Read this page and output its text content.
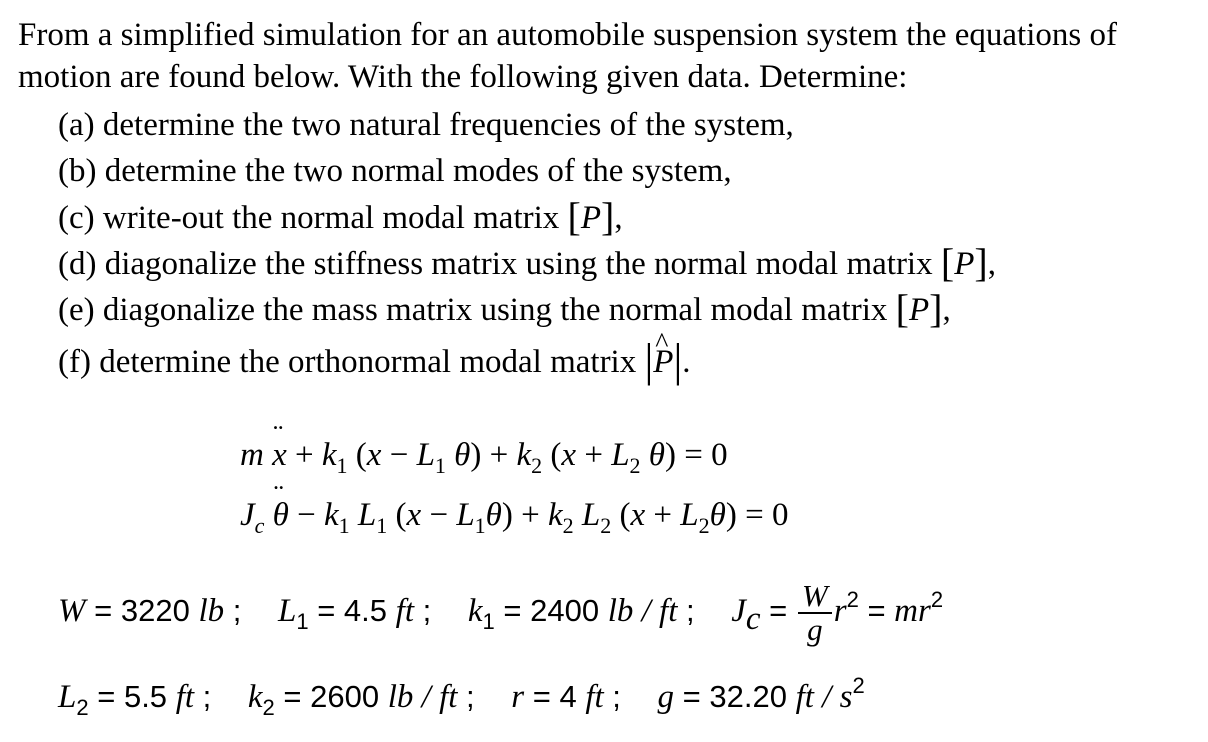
From a simplified simulation for an automobile suspension system the equations of motion are found below. With the following given data. Determine:
(a) determine the two natural frequencies of the system,
(b) determine the two normal modes of the system,
(c) write-out the normal modal matrix [P],
(d) diagonalize the stiffness matrix using the normal modal matrix [P],
(e) diagonalize the mass matrix using the normal modal matrix [P],
(f) determine the orthonormal modal matrix |^ P|.
m ¨ $x + k_1$ ($x - L_1$ $\theta) + k_2$ ($x + L_2$ θ) = 0
$J_c$ ¨ $\theta - k_1$ $L_1$ $(x - L_1\theta) + k_2$ $L_2$ $(x + L_2\theta) = 0$
W = 3220 lb ; $L_1 = 4.5$ ft ; $k_1 = 2400$ lb / ft ; $J_c = \frac{W}{g} r^2 = mr^2$
$L_2 = 5.5$ ft ; $k_2 = 2600$ lb / ft ; r = 4 ft ; g = 32.20 ft / $s^2$
